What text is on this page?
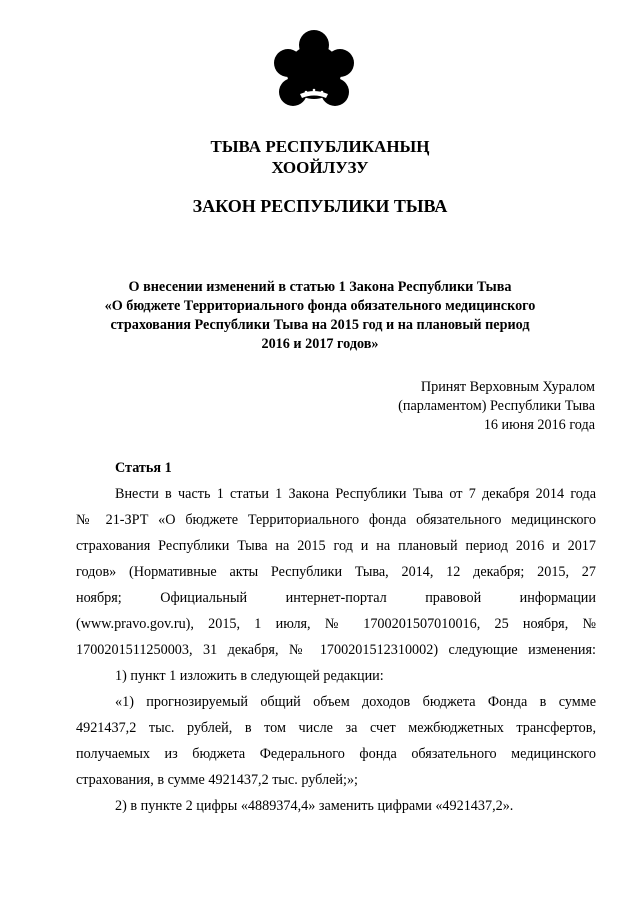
ТЫВА РЕСПУБЛИКАНЫҢ
ХООЙЛУЗУ
ЗАКОН РЕСПУБЛИКИ ТЫВА
О внесении изменений в статью 1 Закона Республики Тыва
«О бюджете Территориального фонда обязательного медицинского
страхования Республики Тыва на 2015 год и на плановый период
2016 и 2017 годов»
Принят Верховным Хуралом
(парламентом) Республики Тыва
16 июня 2016 года
Статья 1
Внести в часть 1 статьи 1 Закона Республики Тыва от 7 декабря 2014 года
№ 21-ЗРТ «О бюджете Территориального фонда обязательного медицинского
страхования Республики Тыва на 2015 год и на плановый период 2016 и 2017
годов» (Нормативные акты Республики Тыва, 2014, 12 декабря; 2015, 27
ноября;	Официальный	интернет-портал	правовой	информации
(www.pravo.gov.ru), 2015, 1 июля, № 1700201507010016, 25 ноября, №
1700201511250003, 31 декабря, № 1700201512310002) следующие изменения:
1) пункт 1 изложить в следующей редакции:
«1) прогнозируемый общий объем доходов бюджета Фонда в сумме
4921437,2 тыс. рублей, в том числе за счет межбюджетных трансфертов,
получаемых из бюджета Федерального фонда обязательного медицинского
страхования, в сумме 4921437,2 тыс. рублей;»;
2) в пункте 2 цифры «4889374,4» заменить цифрами «4921437,2».
